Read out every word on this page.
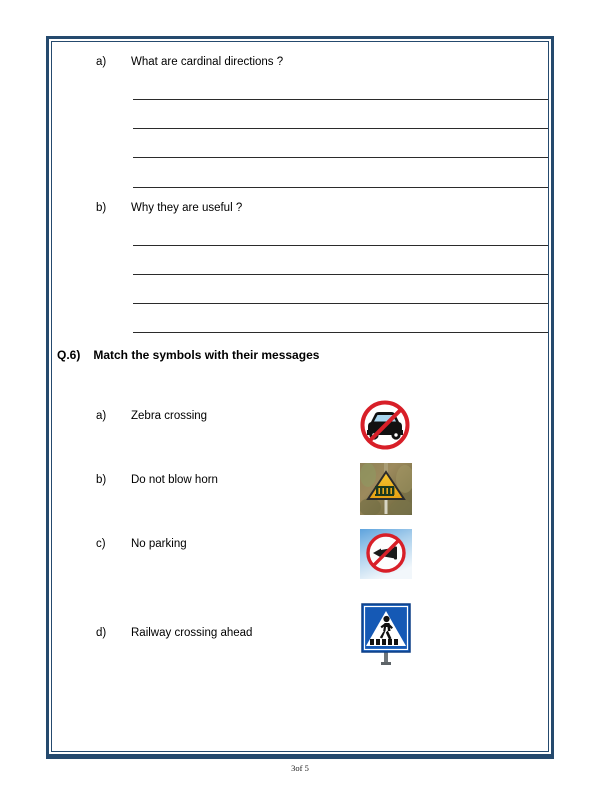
a)	What are cardinal directions ?
b)	Why they are useful ?
Q.6) Match the symbols with their messages
a) Zebra crossing
b) Do not blow horn
c) No parking
d) Railway crossing ahead
3of 5
